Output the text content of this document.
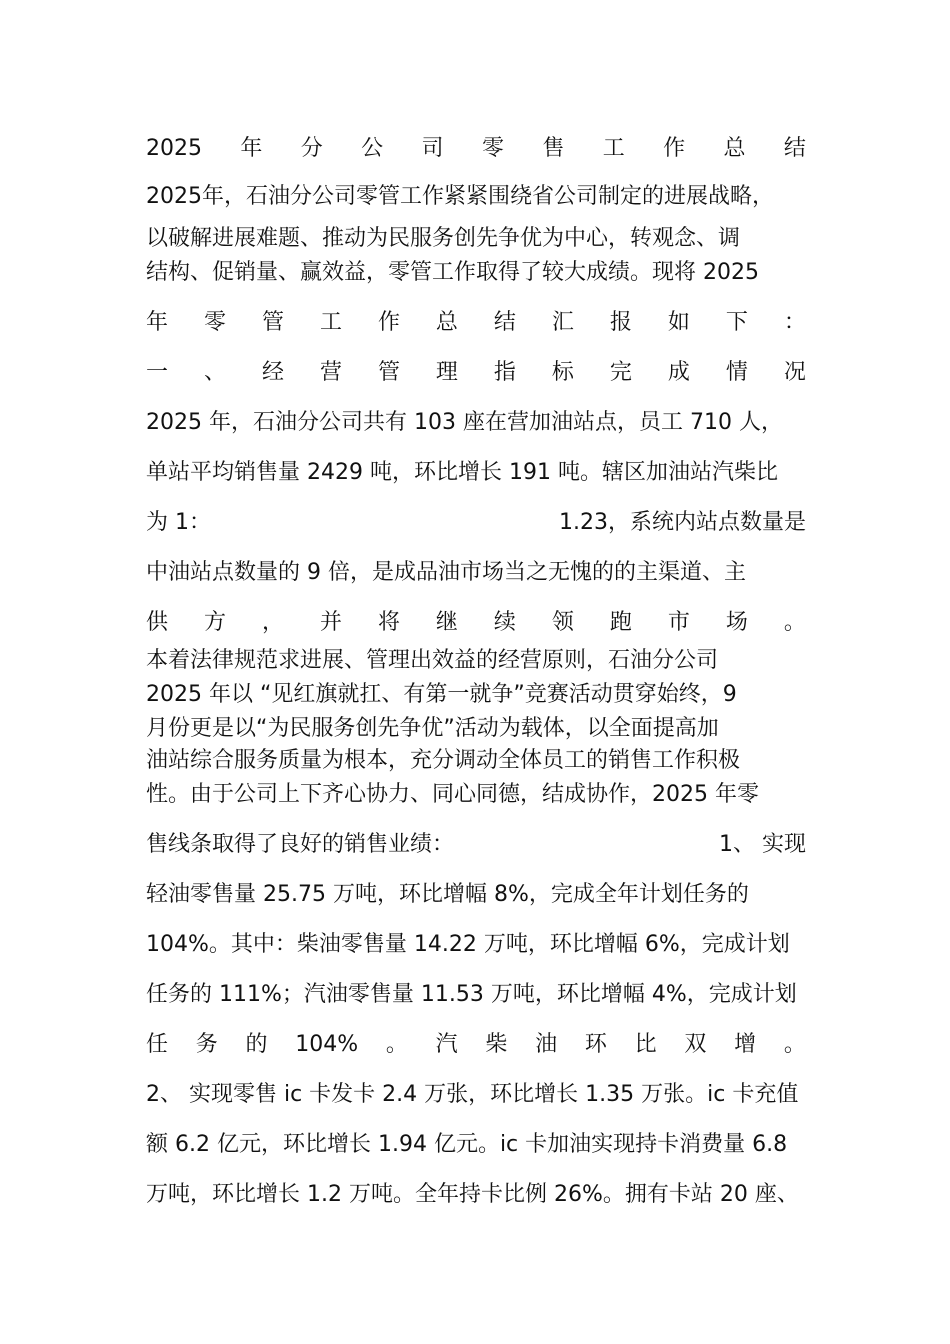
2025 年 分 公 司 零 售 工 作 总 结
2025年，石油分公司零管工作紧紧围绕省公司制定的进展战略，
以破解进展难题、推动为民服务创先争优为中心，转观念、调
结构、促销量、赢效益，零管工作取得了较大成绩。现将 2025
年 零 管 工 作 总 结 汇 报 如 下 ：
一 、 经 营 管 理 指 标 完 成 情 况
2025 年，石油分公司共有 103 座在营加油站点，员工 710 人，
单站平均销售量 2429 吨，环比增长 191 吨。辖区加油站汽柴比
为 1：	1.23，系统内站点数量是
中油站点数量的 9 倍，是成品油市场当之无愧的的主渠道、主
供 方 ， 并 将 继 续 领 跑 市 场 。
本着法律规范求进展、管理出效益的经营原则，石油分公司
2025 年以 “见红旗就扛、有第一就争”竞赛活动贯穿始终，9
月份更是以“为民服务创先争优”活动为载体，以全面提高加
油站综合服务质量为根本，充分调动全体员工的销售工作积极
性。由于公司上下齐心协力、同心同德，结成协作，2025 年零
售线条取得了良好的销售业绩：	1、 实现
轻油零售量 25.75 万吨，环比增幅 8%，完成全年计划任务的
104%。其中：柴油零售量 14.22 万吨，环比增幅 6%，完成计划
任务的 111%；汽油零售量 11.53 万吨，环比增幅 4%，完成计划
任 务 的 104% 。 汽 柴 油 环 比 双 增 。
2、 实现零售 ic 卡发卡 2.4 万张，环比增长 1.35 万张。ic 卡充值
额 6.2 亿元，环比增长 1.94 亿元。ic 卡加油实现持卡消费量 6.8
万吨，环比增长 1.2 万吨。全年持卡比例 26%。拥有卡站 20 座、
